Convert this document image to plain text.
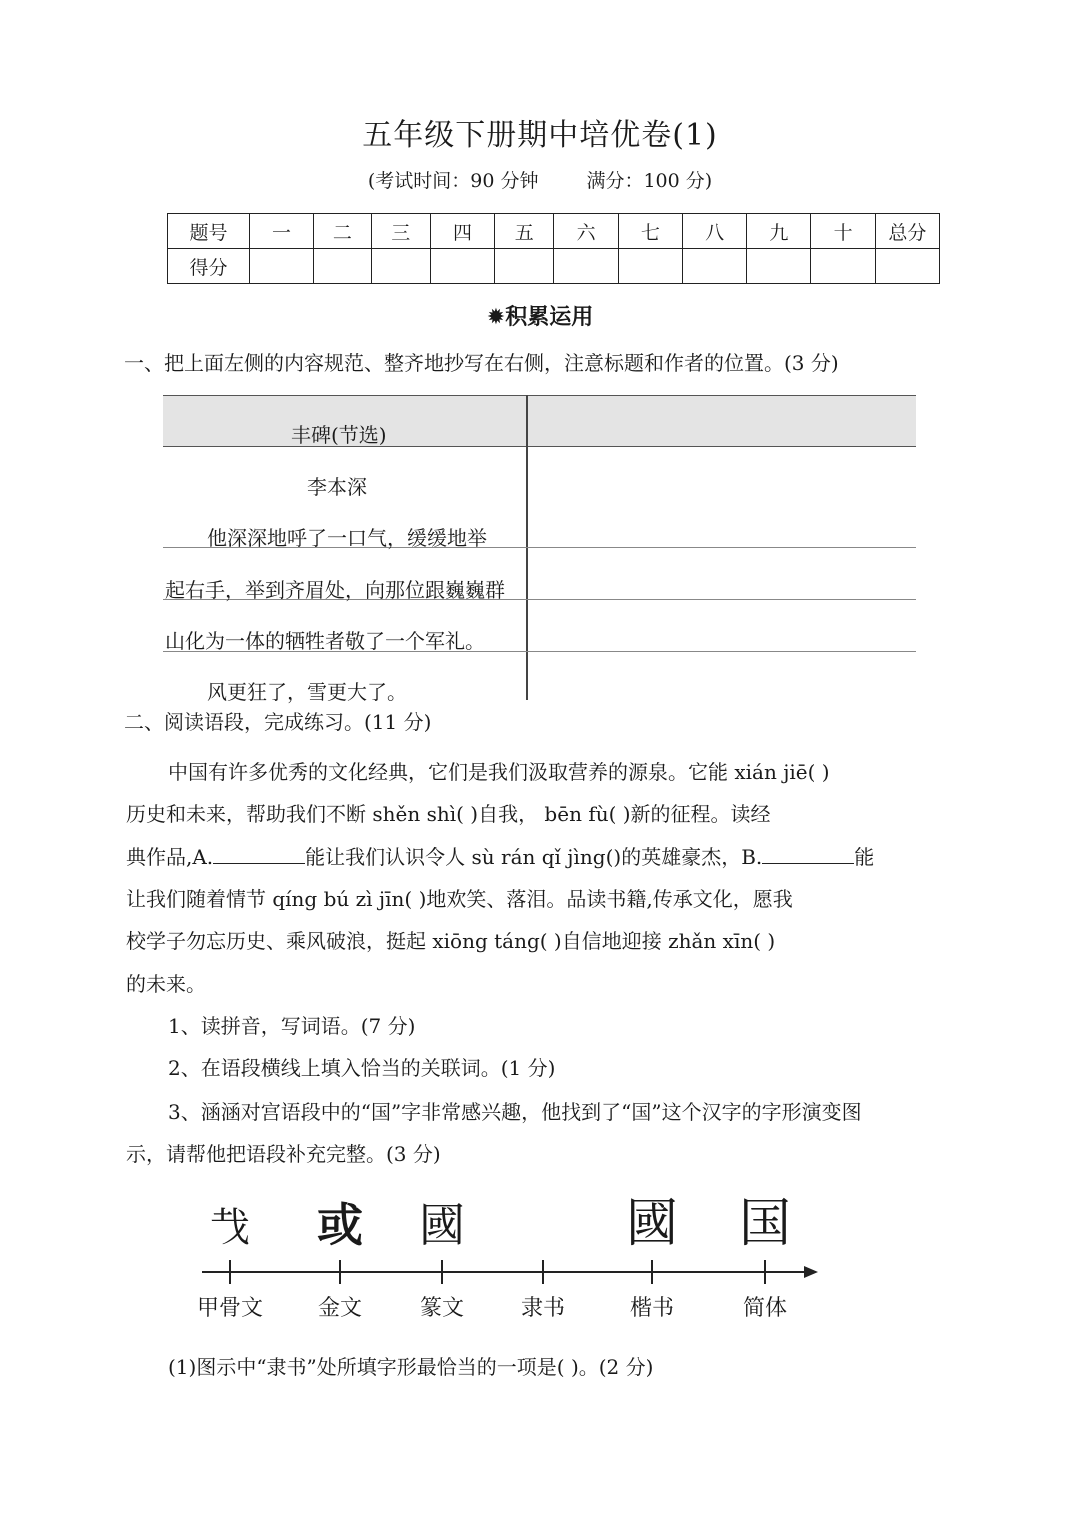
五年级下册期中培优卷(1)
(考试时间：90 分钟	满分：100 分)
题号	一	二	三	四	五	六	七	八	九	十	总分
得分											
✹积累运用
一、把上面左侧的内容规范、整齐地抄写在右侧，注意标题和作者的位置。(3 分)
丰碑(节选)
李本深
他深深地呼了一口气，缓缓地举
起右手，举到齐眉处，向那位跟巍巍群
山化为一体的牺牲者敬了一个军礼。
风更狂了，雪更大了。
二、阅读语段，完成练习。(11 分)
中国有许多优秀的文化经典，它们是我们汲取营养的源泉。它能 xián jiē( )
历史和未来，帮助我们不断 shěn shì( )自我， bēn fù( )新的征程。读经
典作品,A.	能让我们认识令人 sù rán qǐ jìng()的英雄豪杰，B.	能
让我们随着情节 qíng bú zì jīn( )地欢笑、落泪。品读书籍,传承文化，愿我
校学子勿忘历史、乘风破浪，挺起 xiōng táng( )自信地迎接 zhǎn xīn( )
的未来。
1、读拼音，写词语。(7 分)
2、在语段横线上填入恰当的关联词。(1 分)
3、涵涵对宫语段中的“国”字非常感兴趣，他找到了“国”这个汉字的字形演变图
示，请帮他把语段补充完整。(3 分)
𢦏 或 國	國 国
甲骨文 金文	篆文	隶书	楷书	简体
(1)图示中“隶书”处所填字形最恰当的一项是( )。(2 分)
